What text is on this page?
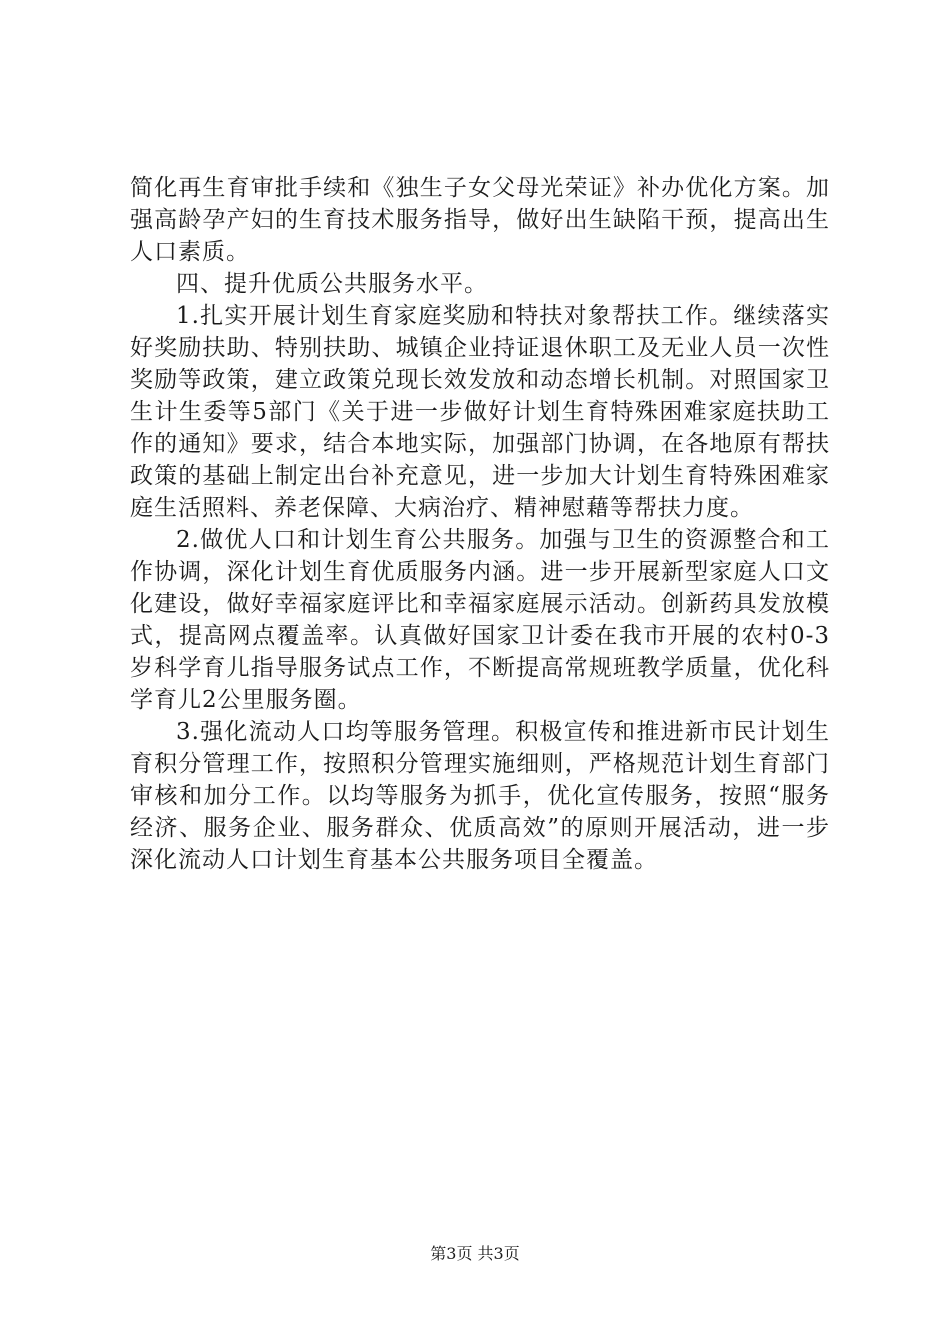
简化再生育审批手续和《独生子女父母光荣证》补办优化方案。加强高龄孕产妇的生育技术服务指导，做好出生缺陷干预，提高出生人口素质。

四、提升优质公共服务水平。

1.扎实开展计划生育家庭奖励和特扶对象帮扶工作。继续落实好奖励扶助、特别扶助、城镇企业持证退休职工及无业人员一次性奖励等政策，建立政策兑现长效发放和动态增长机制。对照国家卫生计生委等5部门《关于进一步做好计划生育特殊困难家庭扶助工作的通知》要求，结合本地实际，加强部门协调，在各地原有帮扶政策的基础上制定出台补充意见，进一步加大计划生育特殊困难家庭生活照料、养老保障、大病治疗、精神慰藉等帮扶力度。

2.做优人口和计划生育公共服务。加强与卫生的资源整合和工作协调，深化计划生育优质服务内涵。进一步开展新型家庭人口文化建设，做好幸福家庭评比和幸福家庭展示活动。创新药具发放模式，提高网点覆盖率。认真做好国家卫计委在我市开展的农村0-3岁科学育儿指导服务试点工作，不断提高常规班教学质量，优化科学育儿2公里服务圈。

3.强化流动人口均等服务管理。积极宣传和推进新市民计划生育积分管理工作，按照积分管理实施细则，严格规范计划生育部门审核和加分工作。以均等服务为抓手，优化宣传服务，按照“服务经济、服务企业、服务群众、优质高效”的原则开展活动，进一步深化流动人口计划生育基本公共服务项目全覆盖。

第3页 共3页
